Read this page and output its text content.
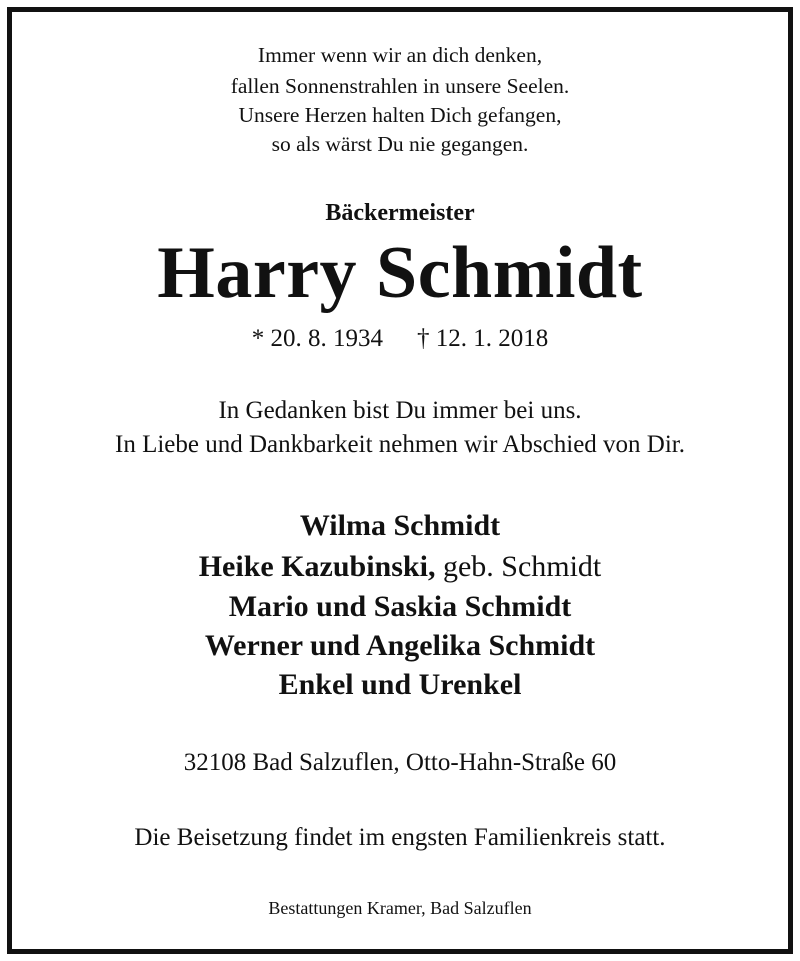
Immer wenn wir an dich denken,
fallen Sonnenstrahlen in unsere Seelen.
Unsere Herzen halten Dich gefangen,
so als wärst Du nie gegangen.
Bäckermeister
Harry Schmidt
* 20. 8. 1934 † 12. 1. 2018
In Gedanken bist Du immer bei uns.
In Liebe und Dankbarkeit nehmen wir Abschied von Dir.
Wilma Schmidt
Heike Kazubinski, geb. Schmidt
Mario und Saskia Schmidt
Werner und Angelika Schmidt
Enkel und Urenkel
32108 Bad Salzuflen, Otto-Hahn-Straße 60
Die Beisetzung findet im engsten Familienkreis statt.
Bestattungen Kramer, Bad Salzuflen
